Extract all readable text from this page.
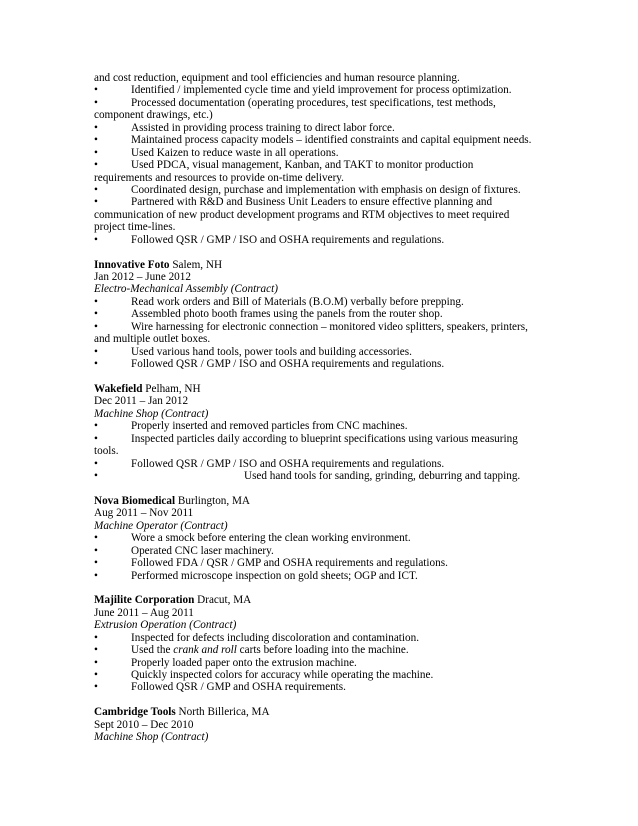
and cost reduction, equipment and tool efficiencies and human resource planning.
•	Identified / implemented cycle time and yield improvement for process optimization.
•	Processed documentation (operating procedures, test specifications, test methods,
component drawings, etc.)
•	Assisted in providing process training to direct labor force.
•	Maintained process capacity models – identified constraints and capital equipment needs.
•	Used Kaizen to reduce waste in all operations.
•	Used PDCA, visual management, Kanban, and TAKT to monitor production
requirements and resources to provide on-time delivery.
•	Coordinated design, purchase and implementation with emphasis on design of fixtures.
•	Partnered with R&D and Business Unit Leaders to ensure effective planning and
communication of new product development programs and RTM objectives to meet required
project time-lines.
•	Followed QSR / GMP / ISO and OSHA requirements and regulations.
Innovative Foto Salem, NH
Jan 2012 – June 2012
Electro-Mechanical Assembly (Contract)
•	Read work orders and Bill of Materials (B.O.M) verbally before prepping.
•	Assembled photo booth frames using the panels from the router shop.
•	Wire harnessing for electronic connection – monitored video splitters, speakers, printers,
and multiple outlet boxes.
•	Used various hand tools, power tools and building accessories.
•	Followed QSR / GMP / ISO and OSHA requirements and regulations.
Wakefield Pelham, NH
Dec 2011 – Jan 2012
Machine Shop (Contract)
•	Properly inserted and removed particles from CNC machines.
•	Inspected particles daily according to blueprint specifications using various measuring
tools.
•	Followed QSR / GMP / ISO and OSHA requirements and regulations.
•	Used hand tools for sanding, grinding, deburring and tapping.
Nova Biomedical Burlington, MA
Aug 2011 – Nov 2011
Machine Operator (Contract)
•	Wore a smock before entering the clean working environment.
•	Operated CNC laser machinery.
•	Followed FDA / QSR / GMP and OSHA requirements and regulations.
•	Performed microscope inspection on gold sheets; OGP and ICT.
Majilite Corporation Dracut, MA
June 2011 – Aug 2011
Extrusion Operation (Contract)
•	Inspected for defects including discoloration and contamination.
•	Used the crank and roll carts before loading into the machine.
•	Properly loaded paper onto the extrusion machine.
•	Quickly inspected colors for accuracy while operating the machine.
•	Followed QSR / GMP and OSHA requirements.
Cambridge Tools North Billerica, MA
Sept 2010 – Dec 2010
Machine Shop (Contract)
